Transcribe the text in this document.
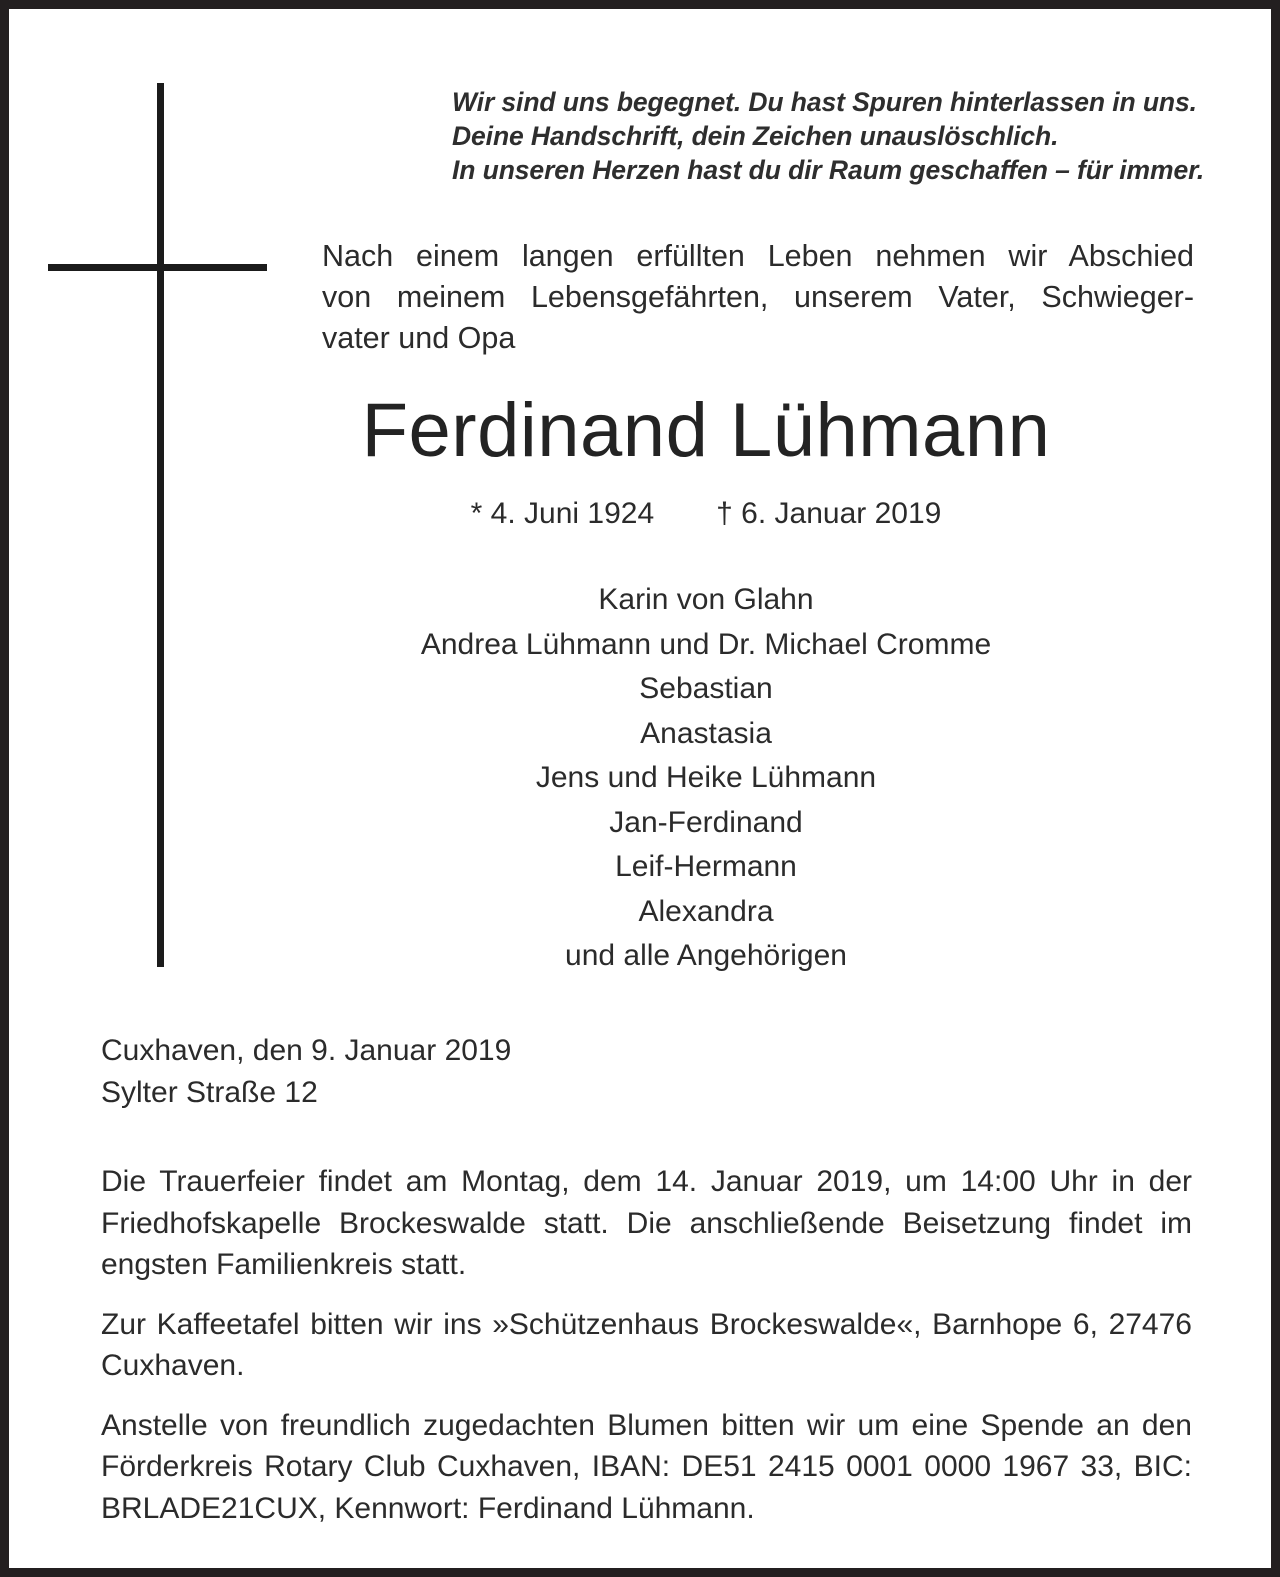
Wir sind uns begegnet. Du hast Spuren hinterlassen in uns.
Deine Handschrift, dein Zeichen unauslöschlich.
In unseren Herzen hast du dir Raum geschaffen – für immer.
Nach einem langen erfüllten Leben nehmen wir Abschied
von meinem Lebensgefährten, unserem Vater, Schwieger-
vater und Opa
Ferdinand Lühmann
* 4. Juni 1924 † 6. Januar 2019
Karin von Glahn
Andrea Lühmann und Dr. Michael Cromme
Sebastian
Anastasia
Jens und Heike Lühmann
Jan-Ferdinand
Leif-Hermann
Alexandra
und alle Angehörigen
Cuxhaven, den 9. Januar 2019
Sylter Straße 12

Die Trauerfeier findet am Montag, dem 14. Januar 2019, um 14:00 Uhr in der Friedhofskapelle Brockeswalde statt. Die anschließende Beisetzung findet im engsten Familienkreis statt.

Zur Kaffeetafel bitten wir ins »Schützenhaus Brockeswalde«, Barnhope 6, 27476 Cuxhaven.

Anstelle von freundlich zugedachten Blumen bitten wir um eine Spende an den Förderkreis Rotary Club Cuxhaven, IBAN: DE51 2415 0001 0000 1967 33, BIC: BRLADE21CUX, Kennwort: Ferdinand Lühmann.
